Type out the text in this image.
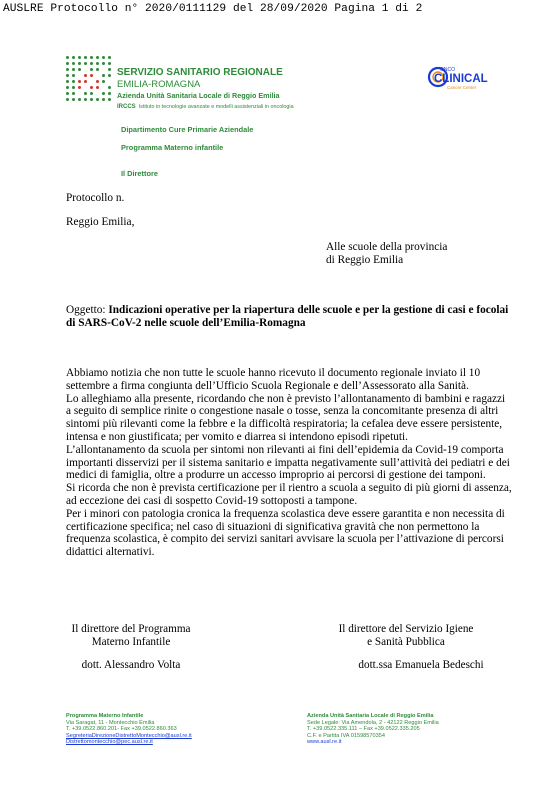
AUSLRE Protocollo n° 2020/0111129 del 28/09/2020 Pagina 1 di 2
SERVIZIO SANITARIO REGIONALE
EMILIA-ROMAGNA
Azienda Unità Sanitaria Locale di Reggio Emilia
IRCCS Istituto in tecnologie avanzate e modelli assistenziali in oncologia
Dipartimento Cure Primarie Aziendale
Programma Materno infantile
Il Direttore
ONCO
CLINICAL
Cancer Center
Protocollo n.
Reggio Emilia,
Alle scuole della provincia
di Reggio Emilia
Oggetto: Indicazioni operative per la riapertura delle scuole e per la gestione di casi e focolai
di SARS-CoV-2 nelle scuole dell’Emilia-Romagna
Abbiamo notizia che non tutte le scuole hanno ricevuto il documento regionale inviato il 10
settembre a firma congiunta dell’Ufficio Scuola Regionale e dell’Assessorato alla Sanità.
Lo alleghiamo alla presente, ricordando che non è previsto l’allontanamento di bambini e ragazzi
a seguito di semplice rinite o congestione nasale o tosse, senza la concomitante presenza di altri
sintomi più rilevanti come la febbre e la difficoltà respiratoria; la cefalea deve essere persistente,
intensa e non giustificata; per vomito e diarrea si intendono episodi ripetuti.
L’allontanamento da scuola per sintomi non rilevanti ai fini dell’epidemia da Covid-19 comporta
importanti disservizi per il sistema sanitario e impatta negativamente sull’attività dei pediatri e dei
medici di famiglia, oltre a produrre un accesso improprio ai percorsi di gestione dei tamponi.
Si ricorda che non è prevista certificazione per il rientro a scuola a seguito di più giorni di assenza,
ad eccezione dei casi di sospetto Covid-19 sottoposti a tampone.
Per i minori con patologia cronica la frequenza scolastica deve essere garantita e non necessita di
certificazione specifica; nel caso di situazioni di significativa gravità che non permettono la
frequenza scolastica, è compito dei servizi sanitari avvisare la scuola per l’attivazione di percorsi
didattici alternativi.
Il direttore del Programma
Materno Infantile
dott. Alessandro Volta
Il direttore del Servizio Igiene
e Sanità Pubblica
dott.ssa Emanuela Bedeschi
Programma Materno Infantile
Via Saragat, 11 - Montecchio Emilia
T. +39.0522.860.201- Fax +39.0522.860.363
SegreteriaDirezioneDistrettoMontecchio@ausl.re.it
Distrettomontecchio@pec.ausl.re.it
Azienda Unità Sanitaria Locale di Reggio Emilia
Sede Legale: Via Amendola, 2 - 42122 Reggio Emilia
T. +39.0522.335.111 – Fax +39.0522.335.205
C.F. e Partita IVA 01598570354
www.ausl.re.it
